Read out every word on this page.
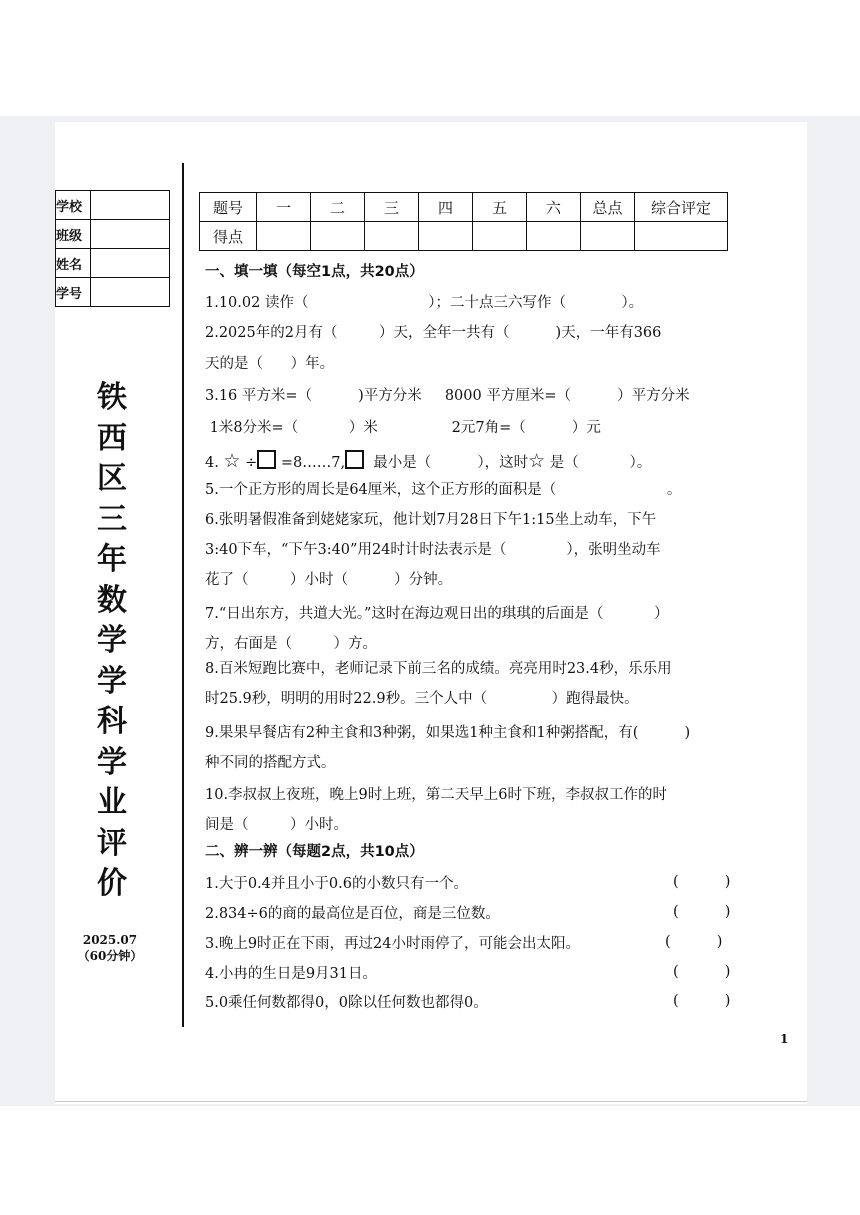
学校	
班级	
姓名	
学号	
铁
西
区
三
年
数
学
学
科
学
业
评
价
2025.07
（60分钟）
题号	一	二	三	四	五	六	总点	综合评定
得点								
一、填一填（每空1点，共20点）
1.10.02 读作（                          ）；二十点三六写作（            ）。
2.2025年的2月有（         ）天，全年一共有（          )天，一年有366
天的是（      ）年。
3.16 平方米=（          )平方分米     8000 平方厘米=（          ）平方分米
1米8分米=（           ）米                2元7角=（          ）元
4. ☆ ÷ =8……7,  最小是（          ），这时☆ 是（           ）。
5.一个正方形的周长是64厘米，这个正方形的面积是（                        。
6.张明暑假准备到姥姥家玩，他计划7月28日下午1:15坐上动车，下午
3:40下车，“下午3:40”用24时计时法表示是（             ），张明坐动车
花了（         ）小时（          ）分钟。
7.“日出东方，共道大光。”这时在海边观日出的琪琪的后面是（           ）
方，右面是（         ）方。
8.百米短跑比赛中，老师记录下前三名的成绩。亮亮用时23.4秒，乐乐用
时25.9秒，明明的用时22.9秒。三个人中（              ）跑得最快。
9.果果早餐店有2种主食和3种粥，如果选1种主食和1种粥搭配，有(          )
种不同的搭配方式。
10.李叔叔上夜班，晚上9时上班，第二天早上6时下班，李叔叔工作的时
间是（         ）小时。
二、辨一辨（每题2点，共10点）
1.大于0.4并且小于0.6的小数只有一个。	(          )
2.834÷6的商的最高位是百位，商是三位数。	(          )
3.晚上9时正在下雨，再过24小时雨停了，可能会出太阳。	(          )
4.小冉的生日是9月31日。	(          )
5.0乘任何数都得0，0除以任何数也都得0。	(          )
1
